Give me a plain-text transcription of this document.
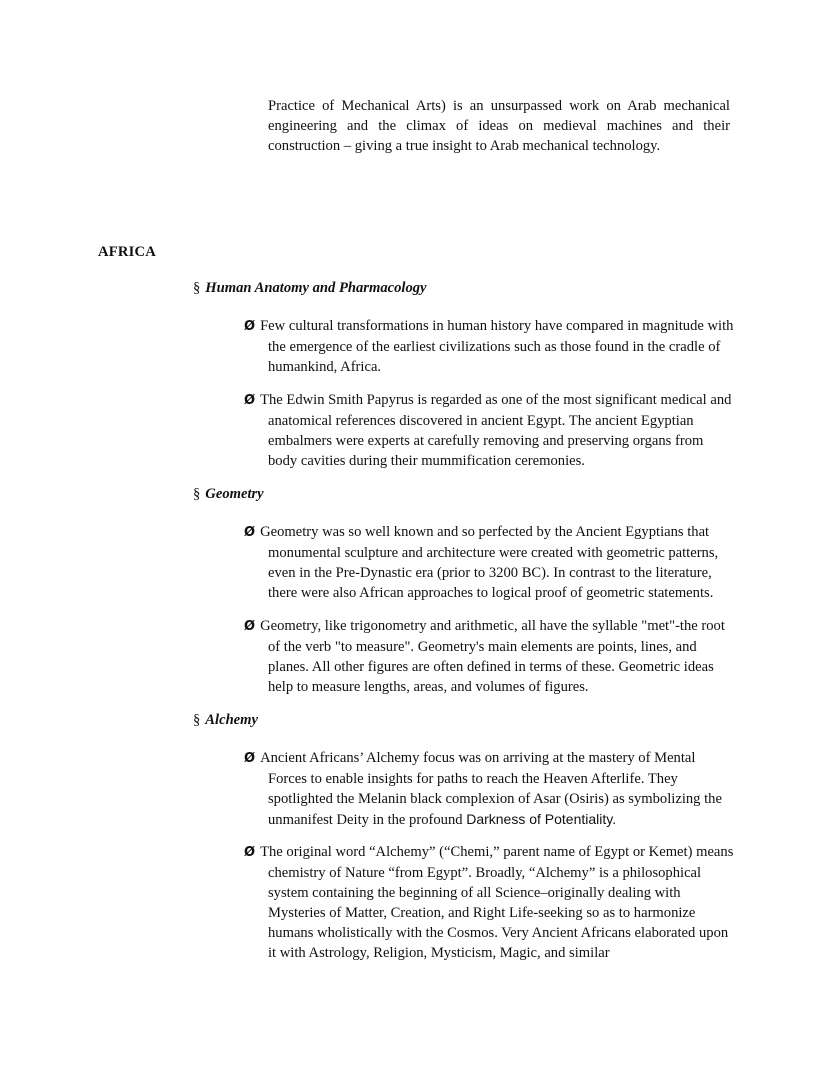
Practice of Mechanical Arts) is an unsurpassed work on Arab mechanical engineering and the climax of ideas on medieval machines and their construction – giving a true insight to Arab mechanical technology.

AFRICA
§ Human Anatomy and Pharmacology
Ø Few cultural transformations in human history have compared in magnitude with the emergence of the earliest civilizations such as those found in the cradle of humankind, Africa.
Ø The Edwin Smith Papyrus is regarded as one of the most significant medical and anatomical references discovered in ancient Egypt. The ancient Egyptian embalmers were experts at carefully removing and preserving organs from body cavities during their mummification ceremonies.
§ Geometry
Ø Geometry was so well known and so perfected by the Ancient Egyptians that monumental sculpture and architecture were created with geometric patterns, even in the Pre-Dynastic era (prior to 3200 BC). In contrast to the literature, there were also African approaches to logical proof of geometric statements.
Ø Geometry, like trigonometry and arithmetic, all have the syllable "met"-the root of the verb "to measure". Geometry's main elements are points, lines, and planes. All other figures are often defined in terms of these. Geometric ideas help to measure lengths, areas, and volumes of figures.
§ Alchemy
Ø Ancient Africans’ Alchemy focus was on arriving at the mastery of Mental Forces to enable insights for paths to reach the Heaven Afterlife. They spotlighted the Melanin black complexion of Asar (Osiris) as symbolizing the unmanifest Deity in the profound Darkness of Potentiality.
Ø The original word “Alchemy” (“Chemi,” parent name of Egypt or Kemet) means chemistry of Nature “from Egypt”. Broadly, “Alchemy” is a philosophical system containing the beginning of all Science–originally dealing with Mysteries of Matter, Creation, and Right Life-seeking so as to harmonize humans wholistically with the Cosmos. Very Ancient Africans elaborated upon it with Astrology, Religion, Mysticism, Magic, and similar
